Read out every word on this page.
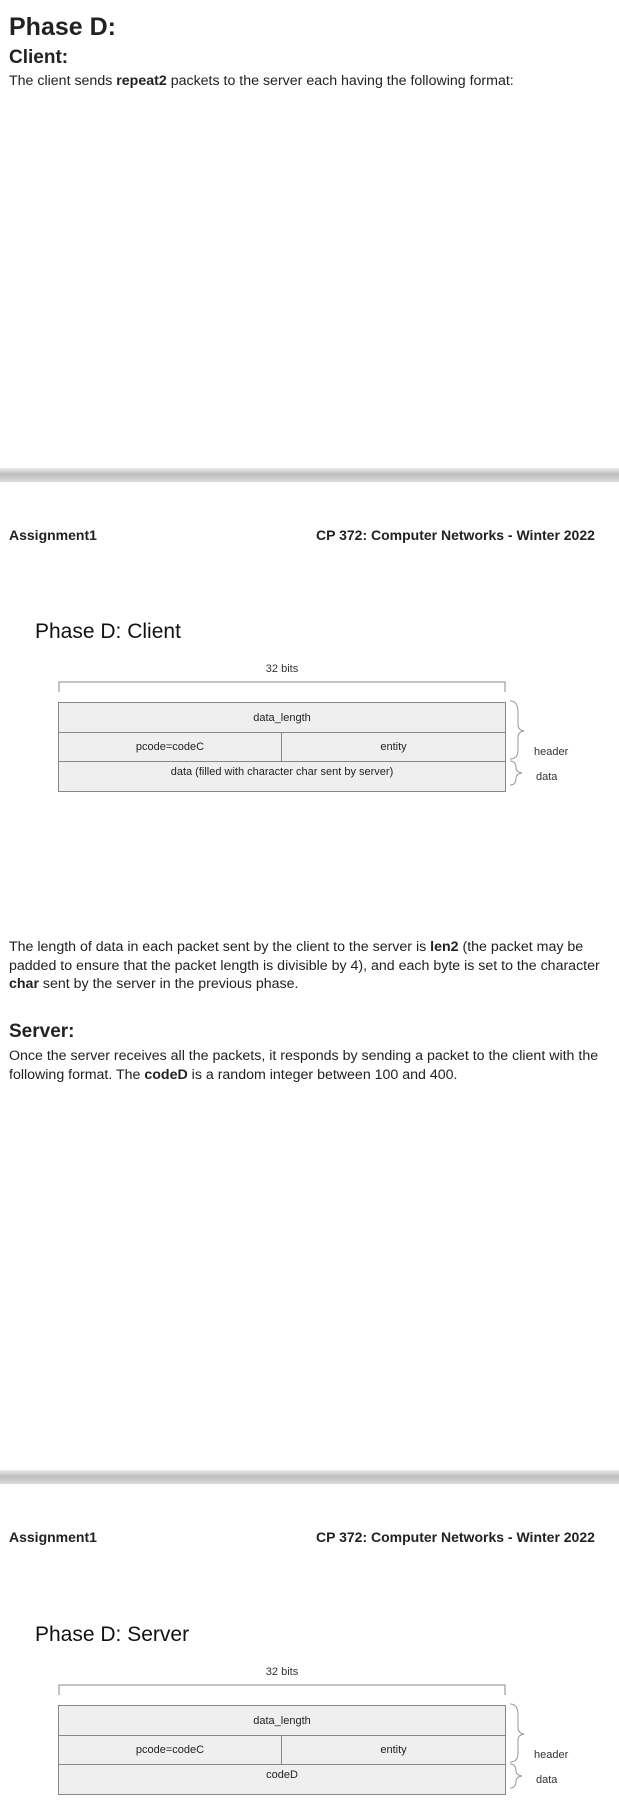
Phase D:
Client:
The client sends repeat2 packets to the server each having the following format:
Assignment1	CP 372: Computer Networks - Winter 2022
Phase D: Client
32 bits
data_length
pcode=codeC	entity
data (filled with character char sent by server)
header
data
The length of data in each packet sent by the client to the server is len2 (the packet may be padded to ensure that the packet length is divisible by 4), and each byte is set to the character char sent by the server in the previous phase.
Server:
Once the server receives all the packets, it responds by sending a packet to the client with the following format. The codeD is a random integer between 100 and 400.
Assignment1	CP 372: Computer Networks - Winter 2022
Phase D: Server
32 bits
data_length
pcode=codeC	entity
codeD
header
data
